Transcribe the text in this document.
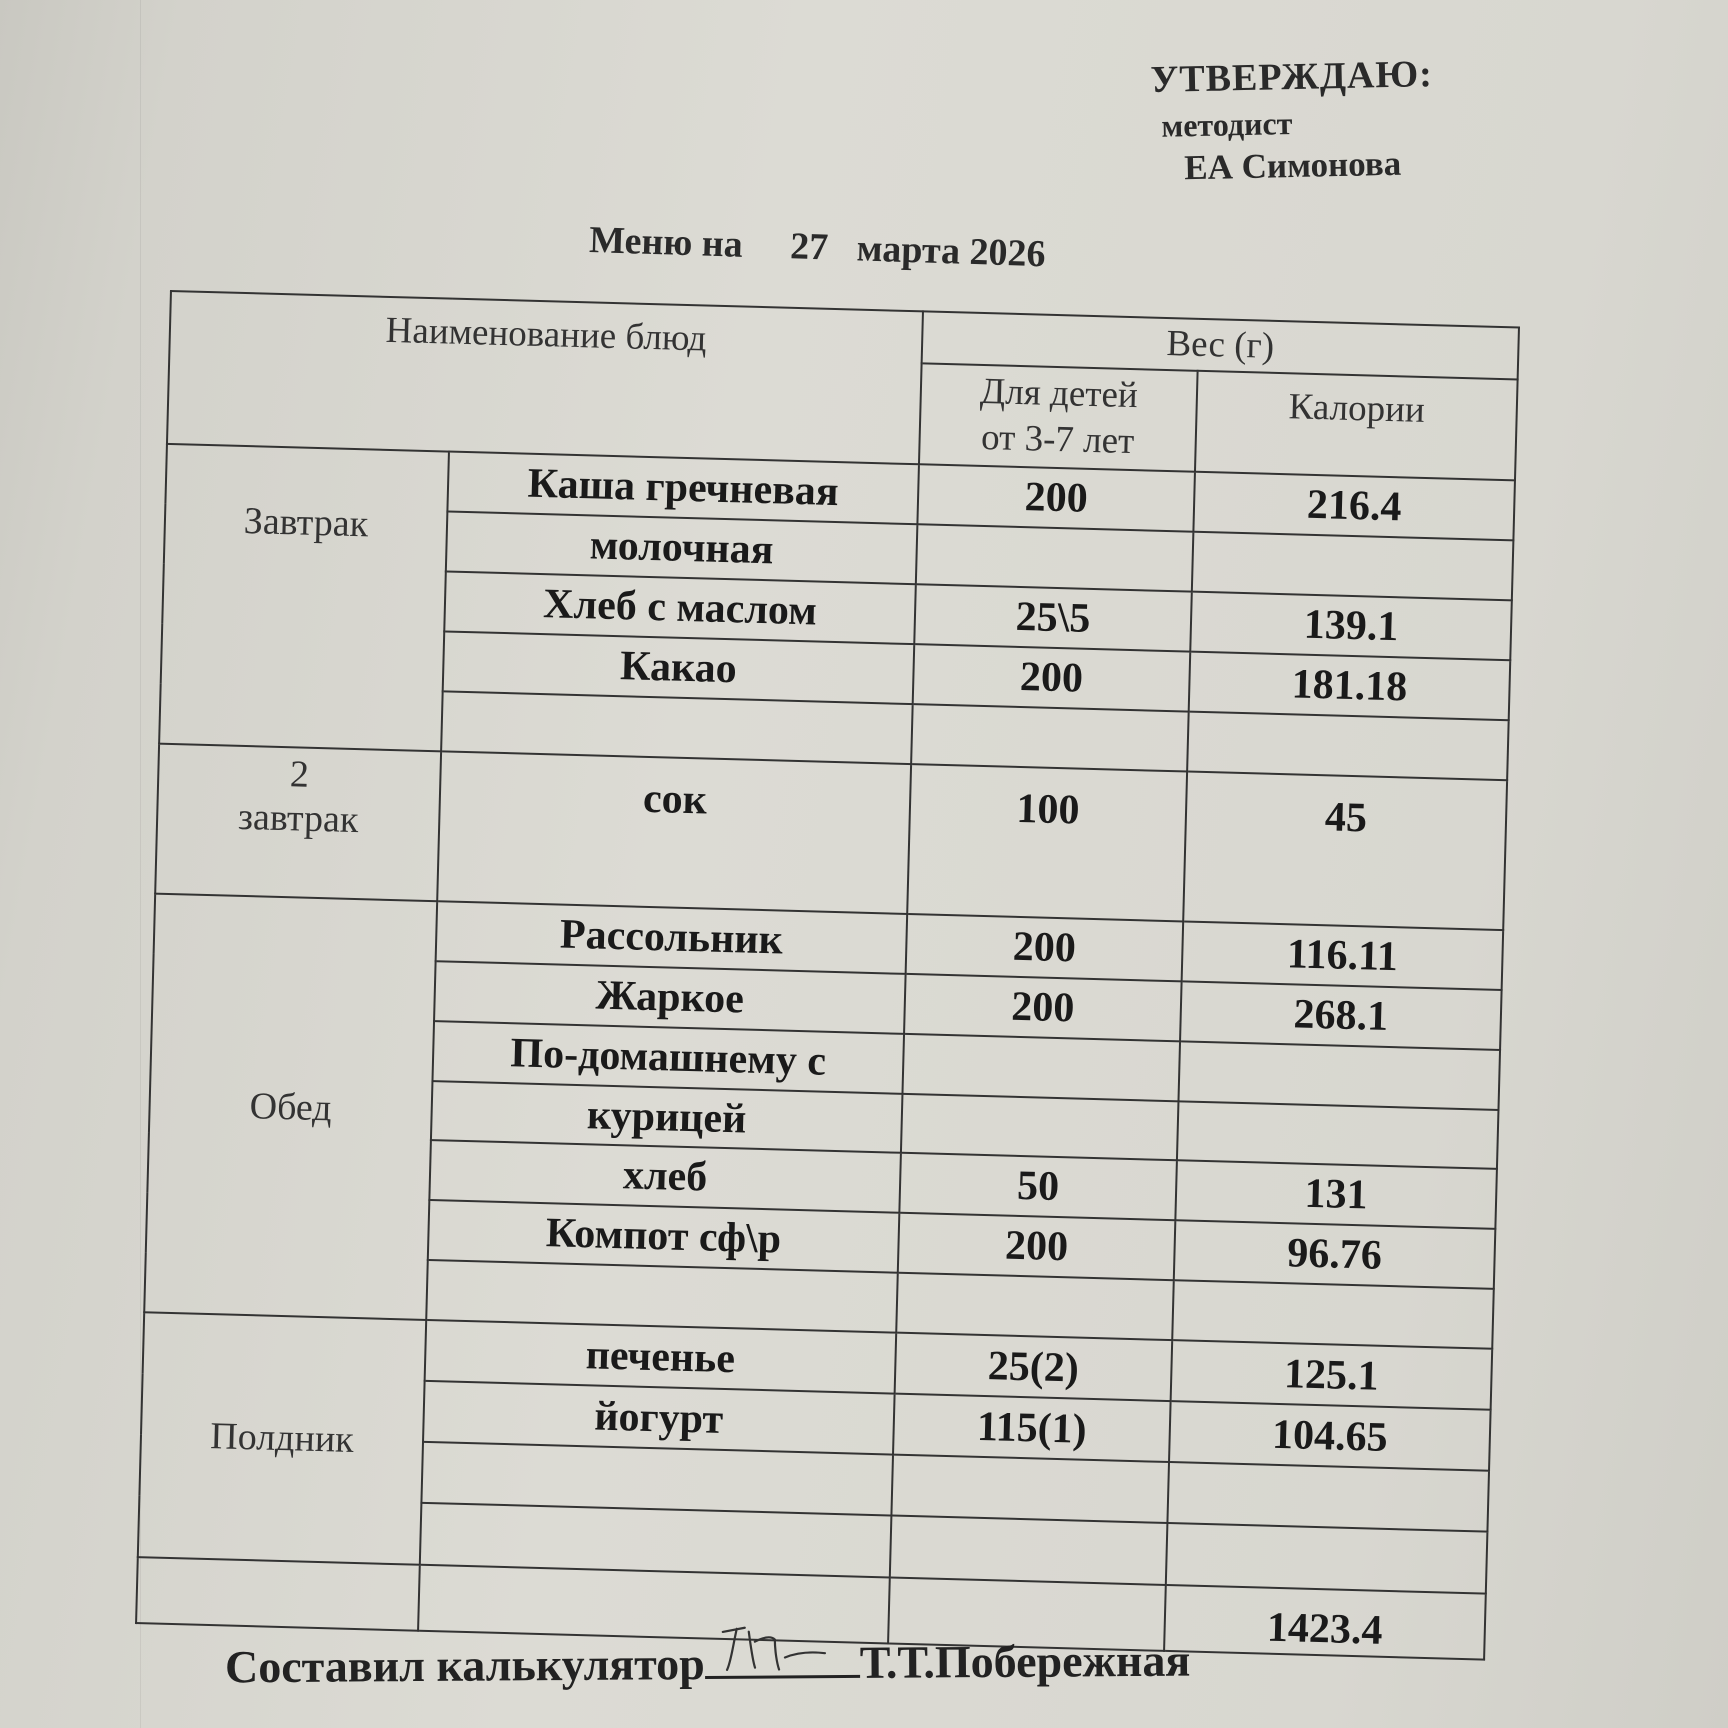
УТВЕРЖДАЮ:
методист
ЕА Симонова
Меню на 27 марта 2026
Наименование блюд		Вес (г)	
		Для детей
от 3-7 лет	Калории
Завтрак	Каша гречневая	200	216.4
	молочная		
	Хлеб с маслом	25\5	139.1
	Какао	200	181.18

2
завтрак	сок	100	45
Обед	Рассольник	200	116.11
	Жаркое	200	268.1
	По-домашнему с		
	курицей		
	хлеб	50	131
	Компот сф\р	200	96.76

Полдник	печенье	25(2)	125.1
	йогурт	115(1)	104.65

			1423.4
Составил калькулятор	Т.Т.Побережная
